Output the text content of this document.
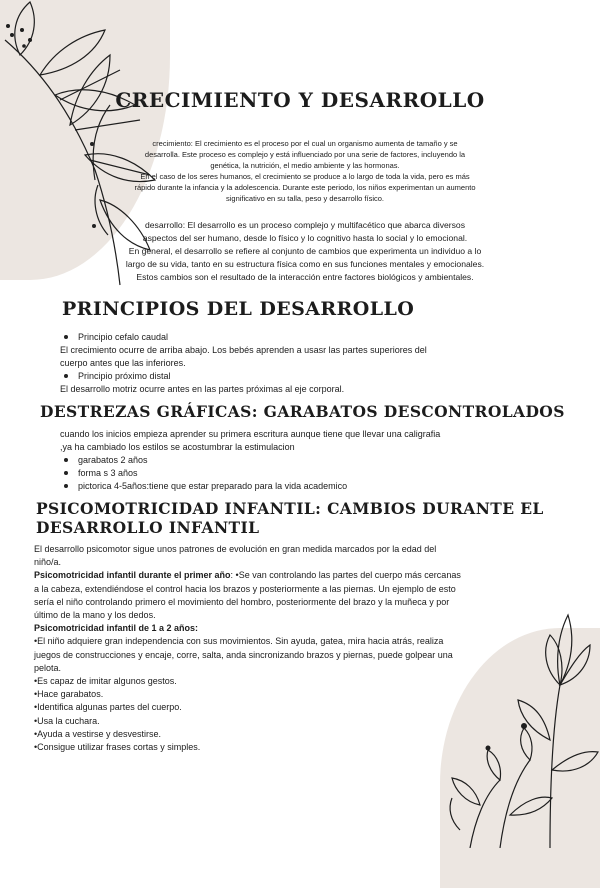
CRECIMIENTO Y DESARROLLO
crecimiento: El crecimiento es el proceso por el cual un organismo aumenta de tamaño y se
desarrolla. Este proceso es complejo y está influenciado por una serie de factores, incluyendo la
genética, la nutrición, el medio ambiente y las hormonas.
En el caso de los seres humanos, el crecimiento se produce a lo largo de toda la vida, pero es más
rápido durante la infancia y la adolescencia. Durante este periodo, los niños experimentan un aumento
significativo en su talla, peso y desarrollo físico.
desarrollo: El desarrollo es un proceso complejo y multifacético que abarca diversos
aspectos del ser humano, desde lo físico y lo cognitivo hasta lo social y lo emocional.
En general, el desarrollo se refiere al conjunto de cambios que experimenta un individuo a lo
largo de su vida, tanto en su estructura física como en sus funciones mentales y emocionales.
Estos cambios son el resultado de la interacción entre factores biológicos y ambientales.
PRINCIPIOS DEL DESARROLLO
Principio cefalo caudal
El crecimiento ocurre de arriba abajo. Los bebés aprenden a usasr las partes superiores del
cuerpo antes que las inferiores.
Principio próximo distal
El desarrollo motriz ocurre antes en las partes próximas al eje corporal.
DESTREZAS GRÁFICAS: GARABATOS DESCONTROLADOS
cuando los inicios empieza aprender su primera escritura aunque tiene que llevar una caligrafia
,ya ha cambiado los estilos se acostumbrar la estimulacion
garabatos 2 años
forma s 3 años
pictorica 4-5años:tiene que estar preparado para la vida academico
PSICOMOTRICIDAD INFANTIL: CAMBIOS DURANTE EL
DESARROLLO INFANTIL
El desarrollo psicomotor sigue unos patrones de evolución en gran medida marcados por la edad del
niño/a.
Psicomotricidad infantil durante el primer año: •Se van controlando las partes del cuerpo más cercanas
a la cabeza, extendiéndose el control hacia los brazos y posteriormente a las piernas. Un ejemplo de esto
sería el niño controlando primero el movimiento del hombro, posteriormente del brazo y la muñeca y por
último de la mano y los dedos.
Psicomotricidad infantil de 1 a 2 años:
•El niño adquiere gran independencia con sus movimientos. Sin ayuda, gatea, mira hacia atrás, realiza
juegos de construcciones y encaje, corre, salta, anda sincronizando brazos y piernas, puede golpear una
pelota.
•Es capaz de imitar algunos gestos.
•Hace garabatos.
•Identifica algunas partes del cuerpo.
•Usa la cuchara.
•Ayuda a vestirse y desvestirse.
•Consigue utilizar frases cortas y simples.
